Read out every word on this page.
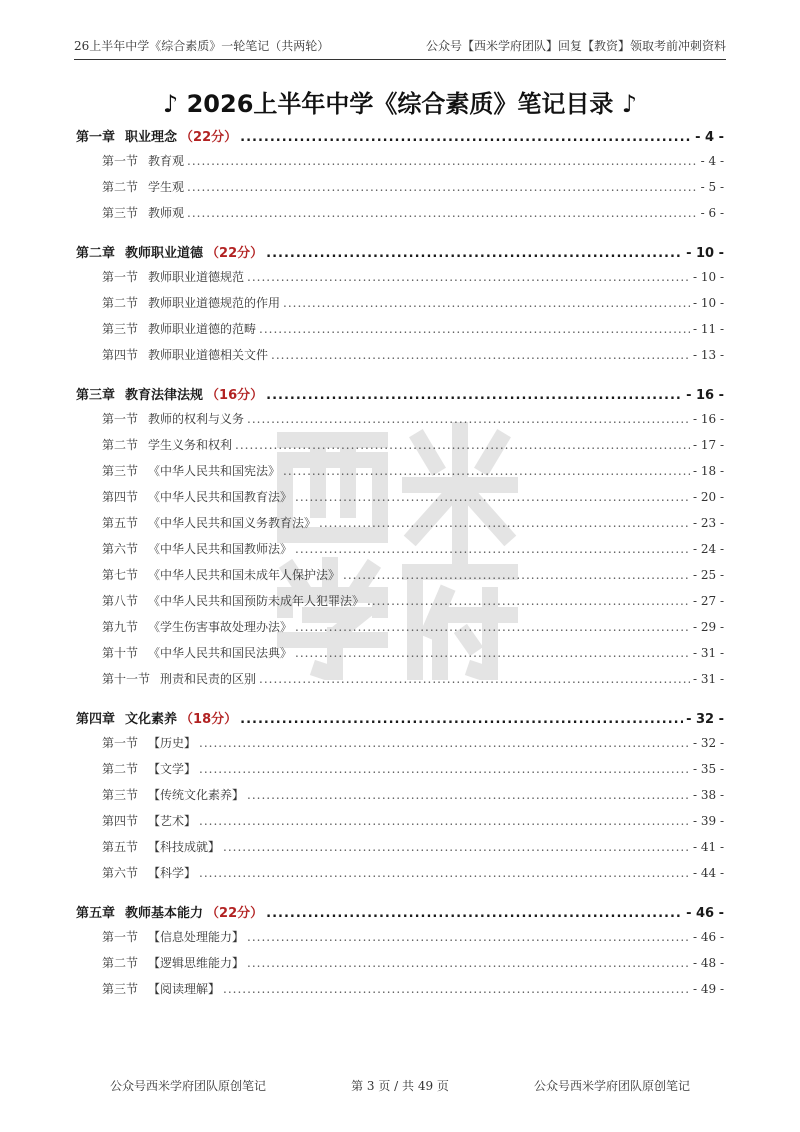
26上半年中学《综合素质》一轮笔记（共两轮）	公众号【西米学府团队】回复【教资】领取考前冲刺资料
♪ 2026上半年中学《综合素质》笔记目录 ♪
第一章 职业理念 （22分） .....	- 4 -
第一节 教育观 .....	- 4 -
第二节 学生观 .....	- 5 -
第三节 教师观 .....	- 6 -
第二章 教师职业道德 （22分） .....	- 10 -
第一节 教师职业道德规范 .....	- 10 -
第二节 教师职业道德规范的作用 .....	- 10 -
第三节 教师职业道德的范畴 .....	- 11 -
第四节 教师职业道德相关文件 .....	- 13 -
第三章 教育法律法规 （16分） .....	- 16 -
第一节 教师的权利与义务 .....	- 16 -
第二节 学生义务和权利 .....	- 17 -
第三节 《中华人民共和国宪法》 .....	- 18 -
第四节 《中华人民共和国教育法》 .....	- 20 -
第五节 《中华人民共和国义务教育法》 .....	- 23 -
第六节 《中华人民共和国教师法》 .....	- 24 -
第七节 《中华人民共和国未成年人保护法》 .....	- 25 -
第八节 《中华人民共和国预防未成年人犯罪法》 .....	- 27 -
第九节 《学生伤害事故处理办法》 .....	- 29 -
第十节 《中华人民共和国民法典》 .....	- 31 -
第十一节 刑责和民责的区别 .....	- 31 -
第四章 文化素养 （18分） .....	- 32 -
第一节 【历史】 .....	- 32 -
第二节 【文学】 .....	- 35 -
第三节 【传统文化素养】 .....	- 38 -
第四节 【艺术】 .....	- 39 -
第五节 【科技成就】 .....	- 41 -
第六节 【科学】 .....	- 44 -
第五章 教师基本能力 （22分） .....	- 46 -
第一节 【信息处理能力】 .....	- 46 -
第二节 【逻辑思维能力】 .....	- 48 -
第三节 【阅读理解】 .....	- 49 -
公众号西米学府团队原创笔记	第 3 页 / 共 49 页	公众号西米学府团队原创笔记
